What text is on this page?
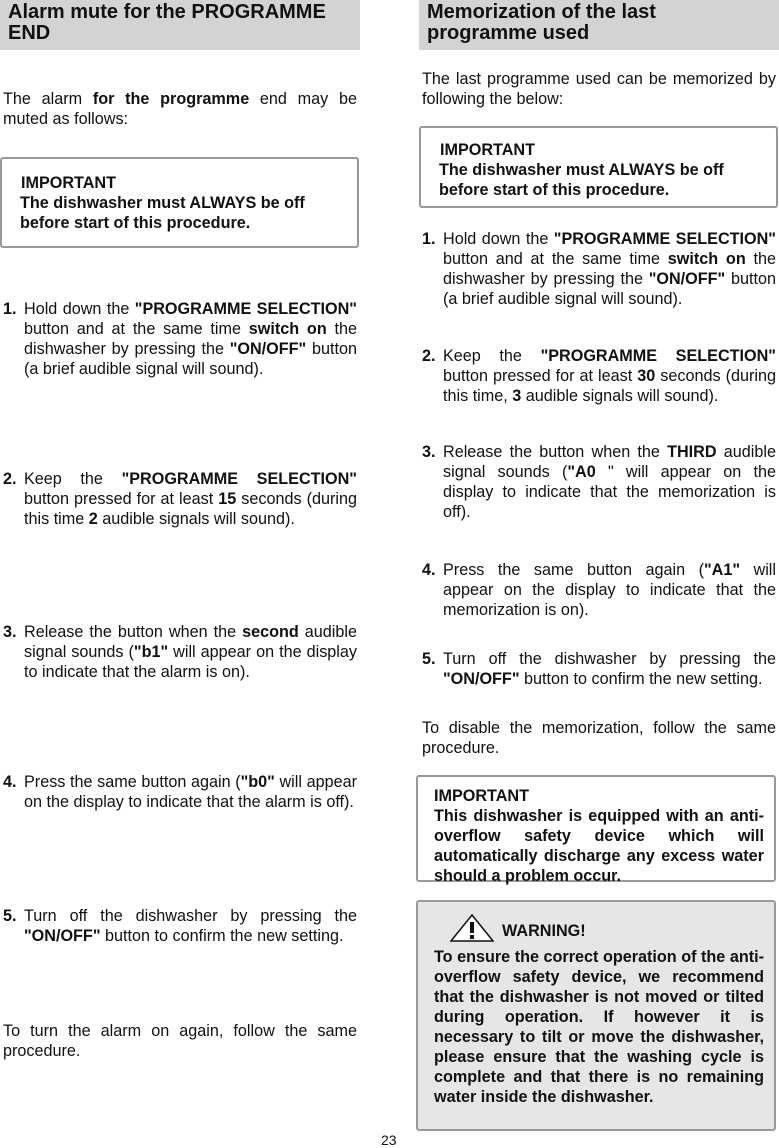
Alarm mute for the PROGRAMME END
The alarm for the programme end may be muted as follows:
IMPORTANT
The dishwasher must ALWAYS be off before start of this procedure.
1. Hold down the "PROGRAMME SELECTION" button and at the same time switch on the dishwasher by pressing the "ON/OFF" button (a brief audible signal will sound).
2. Keep the "PROGRAMME SELECTION" button pressed for at least 15 seconds (during this time 2 audible signals will sound).
3. Release the button when the second audible signal sounds ("b1" will appear on the display to indicate that the alarm is on).
4. Press the same button again ("b0" will appear on the display to indicate that the alarm is off).
5. Turn off the dishwasher by pressing the "ON/OFF" button to confirm the new setting.
To turn the alarm on again, follow the same procedure.
Memorization of the last programme used
The last programme used can be memorized by following the below:
IMPORTANT
The dishwasher must ALWAYS be off before start of this procedure.
1. Hold down the "PROGRAMME SELECTION" button and at the same time switch on the dishwasher by pressing the "ON/OFF" button (a brief audible signal will sound).
2. Keep the "PROGRAMME SELECTION" button pressed for at least 30 seconds (during this time, 3 audible signals will sound).
3. Release the button when the THIRD audible signal sounds ("A0 " will appear on the display to indicate that the memorization is off).
4. Press the same button again ("A1" will appear on the display to indicate that the memorization is on).
5. Turn off the dishwasher by pressing the "ON/OFF" button to confirm the new setting.
To disable the memorization, follow the same procedure.
IMPORTANT
This dishwasher is equipped with an anti-overflow safety device which will automatically discharge any excess water should a problem occur.
WARNING!
To ensure the correct operation of the anti-overflow safety device, we recommend that the dishwasher is not moved or tilted during operation. If however it is necessary to tilt or move the dishwasher, please ensure that the washing cycle is complete and that there is no remaining water inside the dishwasher.
23
